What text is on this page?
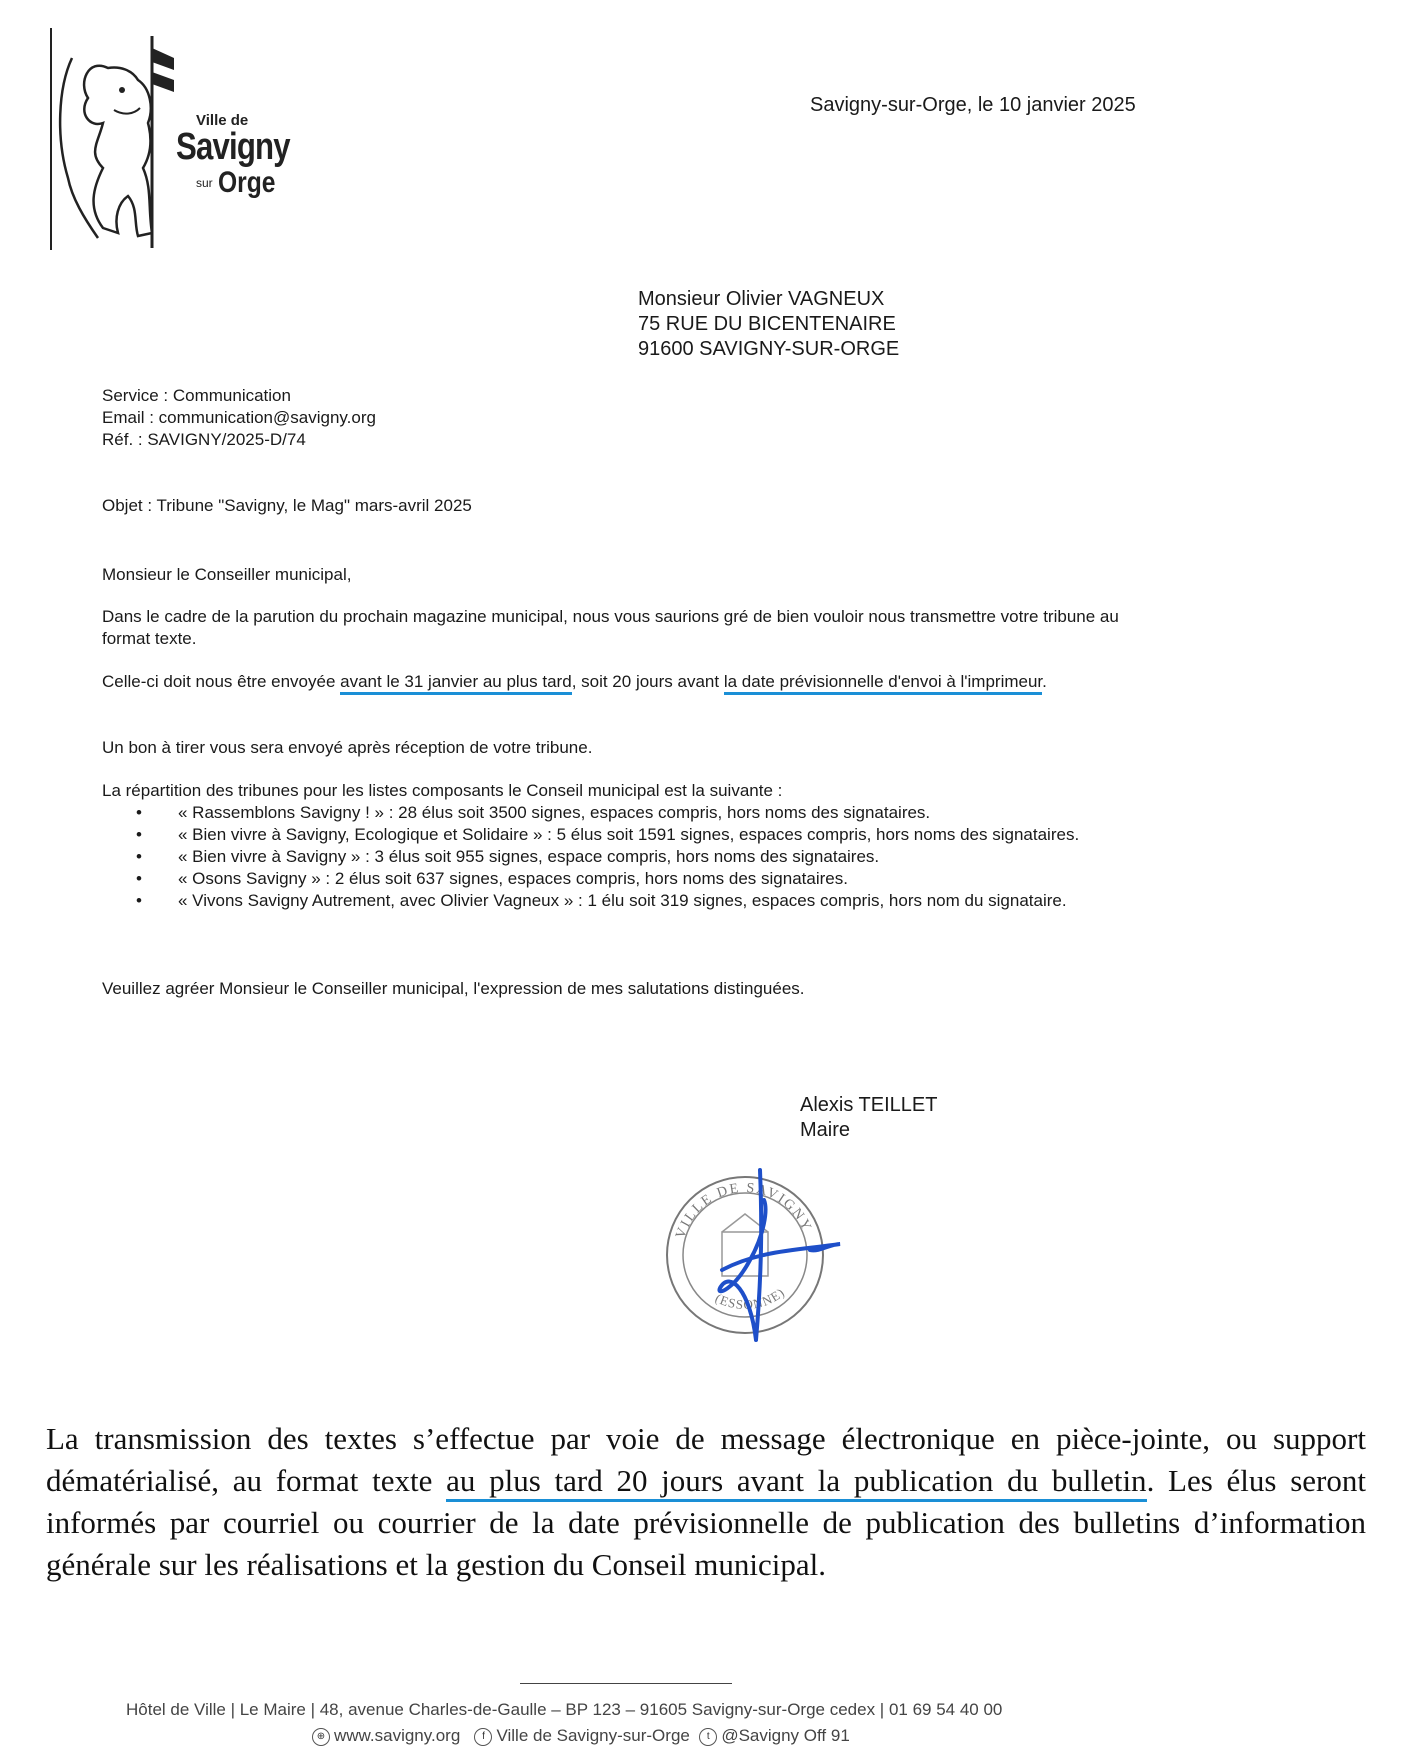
Ville de
Savigny
sur Orge
Savigny-sur-Orge, le 10 janvier 2025
Monsieur Olivier VAGNEUX
75 RUE DU BICENTENAIRE
91600 SAVIGNY-SUR-ORGE
Service : Communication
Email : communication@savigny.org
Réf. : SAVIGNY/2025-D/74
Objet : Tribune "Savigny, le Mag" mars-avril 2025
Monsieur le Conseiller municipal,
Dans le cadre de la parution du prochain magazine municipal, nous vous saurions gré de bien vouloir nous transmettre votre tribune au format texte.
Celle-ci doit nous être envoyée avant le 31 janvier au plus tard, soit 20 jours avant la date prévisionnelle d'envoi à l'imprimeur.
Un bon à tirer vous sera envoyé après réception de votre tribune.
La répartition des tribunes pour les listes composants le Conseil municipal est la suivante :
• « Rassemblons Savigny ! » : 28 élus soit 3500 signes, espaces compris, hors noms des signataires.
• « Bien vivre à Savigny, Ecologique et Solidaire » : 5 élus soit 1591 signes, espaces compris, hors noms des signataires.
• « Bien vivre à Savigny » : 3 élus soit 955 signes, espace compris, hors noms des signataires.
• « Osons Savigny » : 2 élus soit 637 signes, espaces compris, hors noms des signataires.
• « Vivons Savigny Autrement, avec Olivier Vagneux » : 1 élu soit 319 signes, espaces compris, hors nom du signataire.
Veuillez agréer Monsieur le Conseiller municipal, l'expression de mes salutations distinguées.
Alexis TEILLET
Maire
VILLE DE SAVIGNY
(ESSONNE)
La transmission des textes s’effectue par voie de message électronique en pièce-jointe, ou support dématérialisé, au format texte au plus tard 20 jours avant la publication du bulletin. Les élus seront informés par courriel ou courrier de la date prévisionnelle de publication des bulletins d’information générale sur les réalisations et la gestion du Conseil municipal.
Hôtel de Ville | Le Maire | 48, avenue Charles-de-Gaulle – BP 123 – 91605 Savigny-sur-Orge cedex | 01 69 54 40 00
⊕ www.savigny.org f Ville de Savigny-sur-Orge t @Savigny Off 91
